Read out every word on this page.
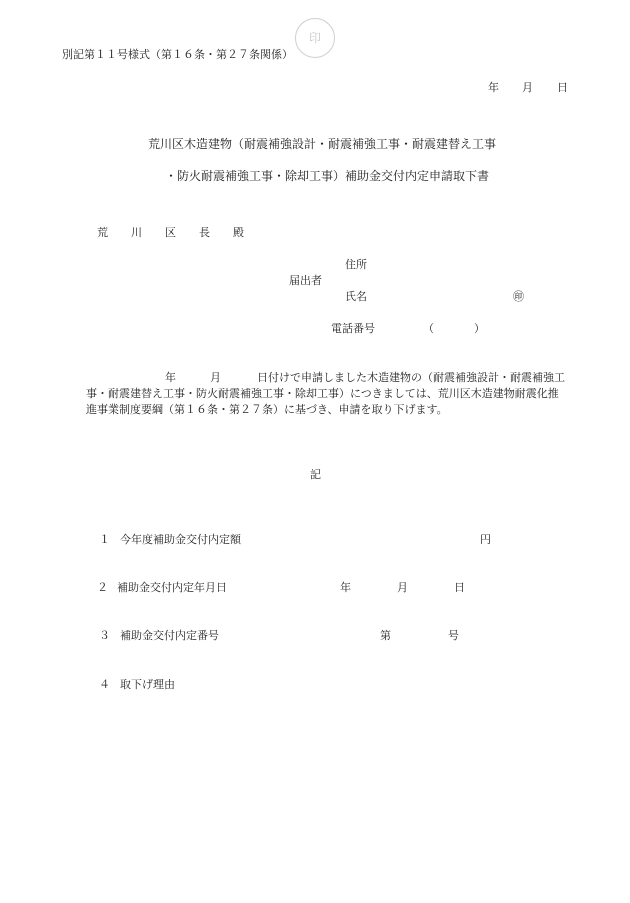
印
別記第１１号様式（第１６条・第２７条関係）
年 月 日
荒川区木造建物（耐震補強設計・耐震補強工事・耐震建替え工事
・防火耐震補強工事・除却工事）補助金交付内定申請取下書
荒 川 区 長 殿
住所
届出者
氏名	㊞
電話番号	（	）
年	月	日付けで申請しました木造建物の（耐震補強設計・耐震補強工
事・耐震建替え工事・防火耐震補強工事・除却工事）につきましては、荒川区木造建物耐震化推
進事業制度要綱（第１６条・第２７条）に基づき、申請を取り下げます。
記
１ 今年度補助金交付内定額	円
２ 補助金交付内定年月日	年	月	日
３ 補助金交付内定番号	第	号
４ 取下げ理由
